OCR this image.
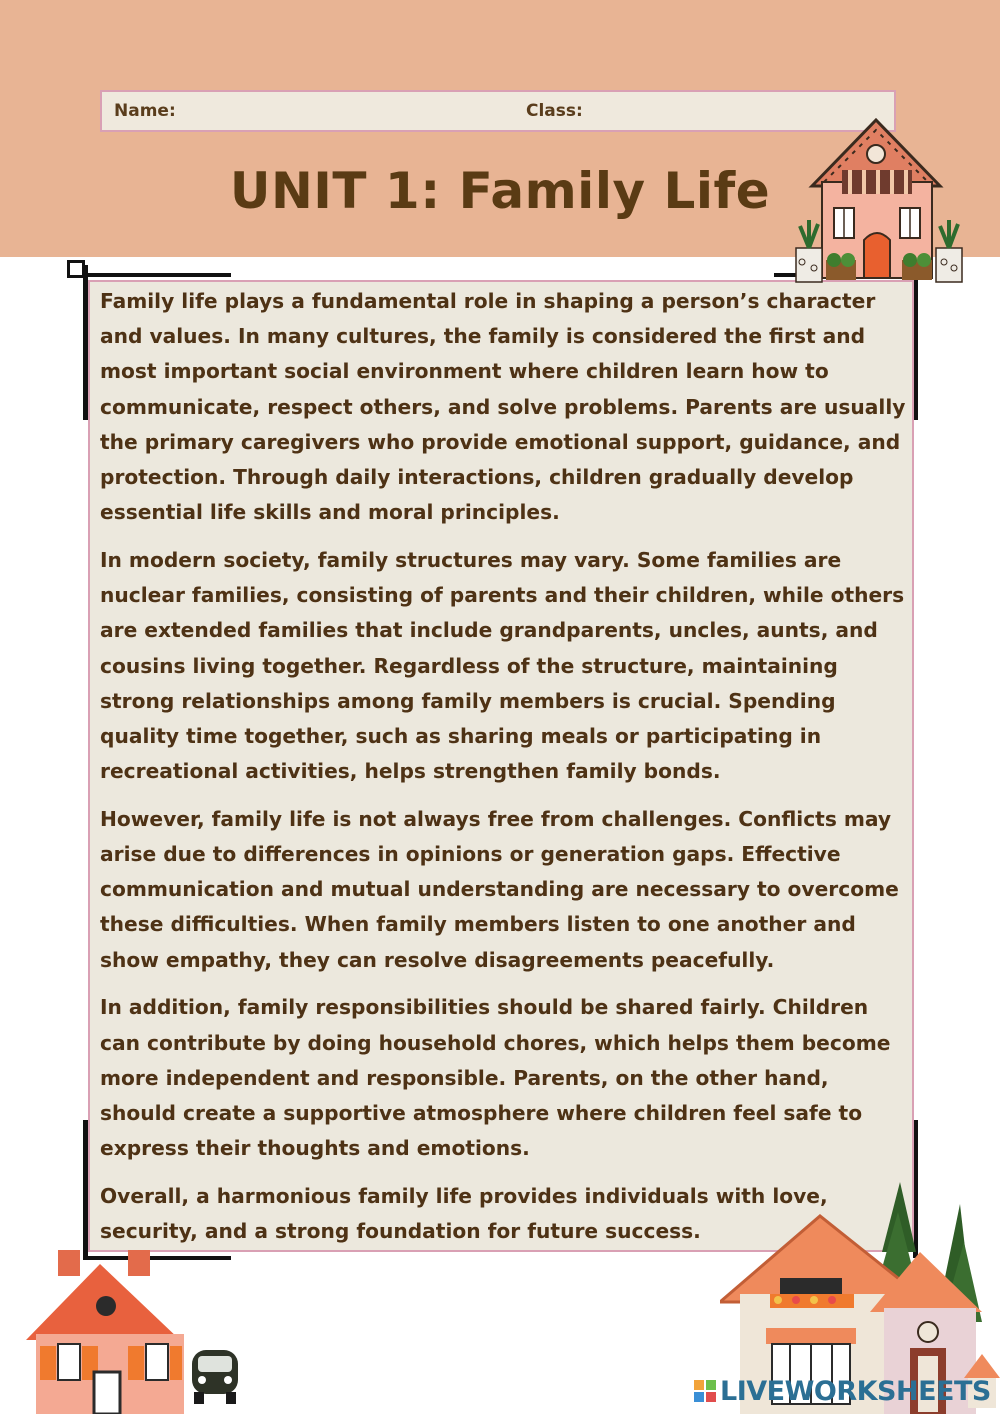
Name:	Class:
UNIT 1: Family Life

Family life plays a fundamental role in shaping a person’s character and values. In many cultures, the family is considered the first and most important social environment where children learn how to communicate, respect others, and solve problems. Parents are usually the primary caregivers who provide emotional support, guidance, and protection. Through daily interactions, children gradually develop essential life skills and moral principles.

In modern society, family structures may vary. Some families are nuclear families, consisting of parents and their children, while others are extended families that include grandparents, uncles, aunts, and cousins living together. Regardless of the structure, maintaining strong relationships among family members is crucial. Spending quality time together, such as sharing meals or participating in recreational activities, helps strengthen family bonds.

However, family life is not always free from challenges. Conflicts may arise due to differences in opinions or generation gaps. Effective communication and mutual understanding are necessary to overcome these difficulties. When family members listen to one another and show empathy, they can resolve disagreements peacefully.

In addition, family responsibilities should be shared fairly. Children can contribute by doing household chores, which helps them become more independent and responsible. Parents, on the other hand, should create a supportive atmosphere where children feel safe to express their thoughts and emotions.

Overall, a harmonious family life provides individuals with love, security, and a strong foundation for future success.

LIVEWORKSHEETS
